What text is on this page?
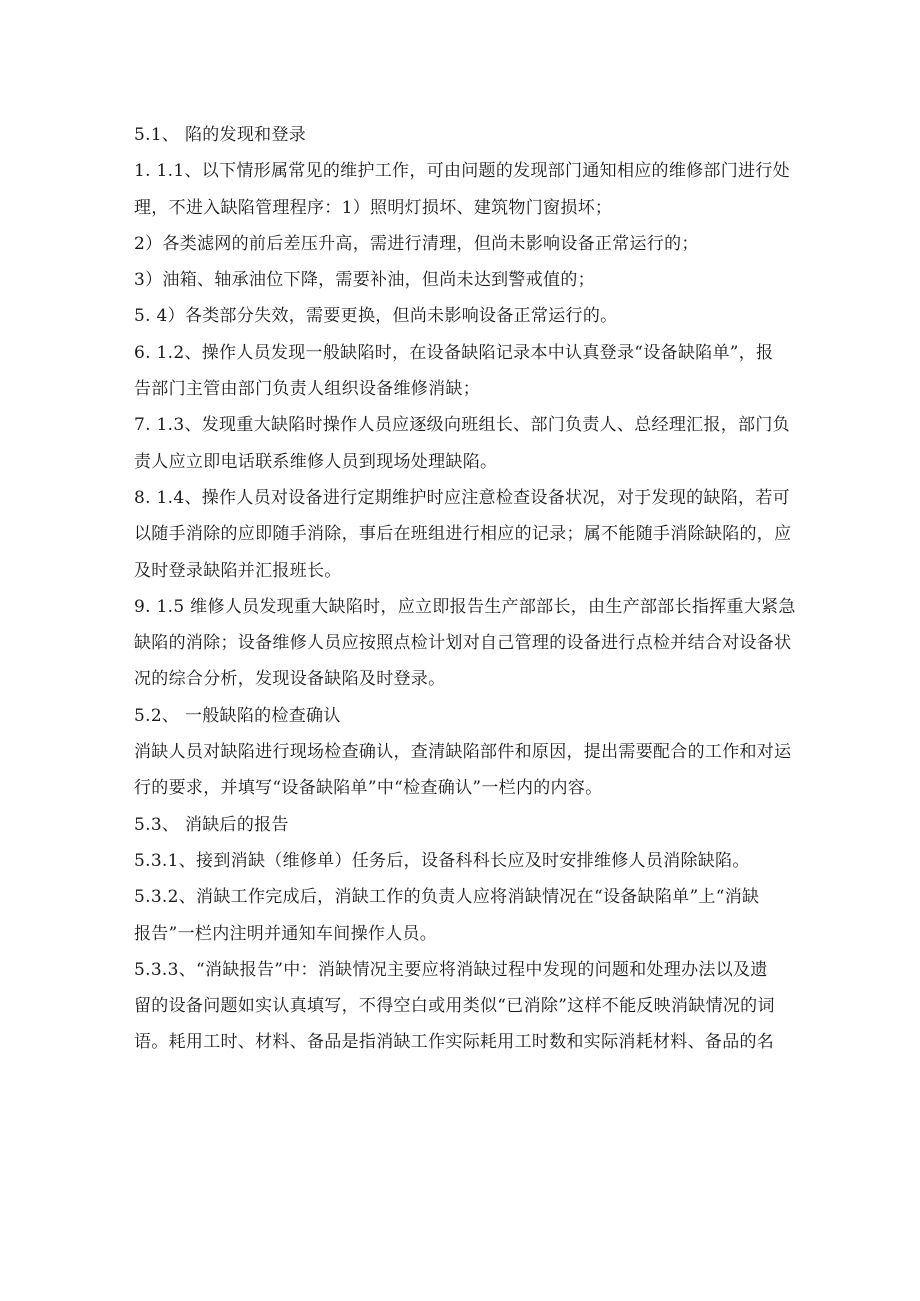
5.1、 陷的发现和登录
1. 1.1、以下情形属常见的维护工作，可由问题的发现部门通知相应的维修部门进行处
理，不进入缺陷管理程序：1）照明灯损坏、建筑物门窗损坏；
2）各类滤网的前后差压升高，需进行清理，但尚未影响设备正常运行的；
3）油箱、轴承油位下降，需要补油，但尚未达到警戒值的；
5. 4）各类部分失效，需要更换，但尚未影响设备正常运行的。
6. 1.2、操作人员发现一般缺陷时，在设备缺陷记录本中认真登录“设备缺陷单”，报
告部门主管由部门负责人组织设备维修消缺；
7. 1.3、发现重大缺陷时操作人员应逐级向班组长、部门负责人、总经理汇报，部门负
责人应立即电话联系维修人员到现场处理缺陷。
8. 1.4、操作人员对设备进行定期维护时应注意检查设备状况，对于发现的缺陷，若可
以随手消除的应即随手消除，事后在班组进行相应的记录；属不能随手消除缺陷的，应
及时登录缺陷并汇报班长。
9. 1.5 维修人员发现重大缺陷时，应立即报告生产部部长，由生产部部长指挥重大紧急
缺陷的消除；设备维修人员应按照点检计划对自己管理的设备进行点检并结合对设备状
况的综合分析，发现设备缺陷及时登录。
5.2、 一般缺陷的检查确认
消缺人员对缺陷进行现场检查确认，查清缺陷部件和原因，提出需要配合的工作和对运
行的要求，并填写“设备缺陷单”中“检查确认”一栏内的内容。
5.3、 消缺后的报告
5.3.1、接到消缺（维修单）任务后，设备科科长应及时安排维修人员消除缺陷。
5.3.2、消缺工作完成后，消缺工作的负责人应将消缺情况在“设备缺陷单”上“消缺
报告”一栏内注明并通知车间操作人员。
5.3.3、“消缺报告”中：消缺情况主要应将消缺过程中发现的问题和处理办法以及遗
留的设备问题如实认真填写，不得空白或用类似“已消除”这样不能反映消缺情况的词
语。耗用工时、材料、备品是指消缺工作实际耗用工时数和实际消耗材料、备品的名
